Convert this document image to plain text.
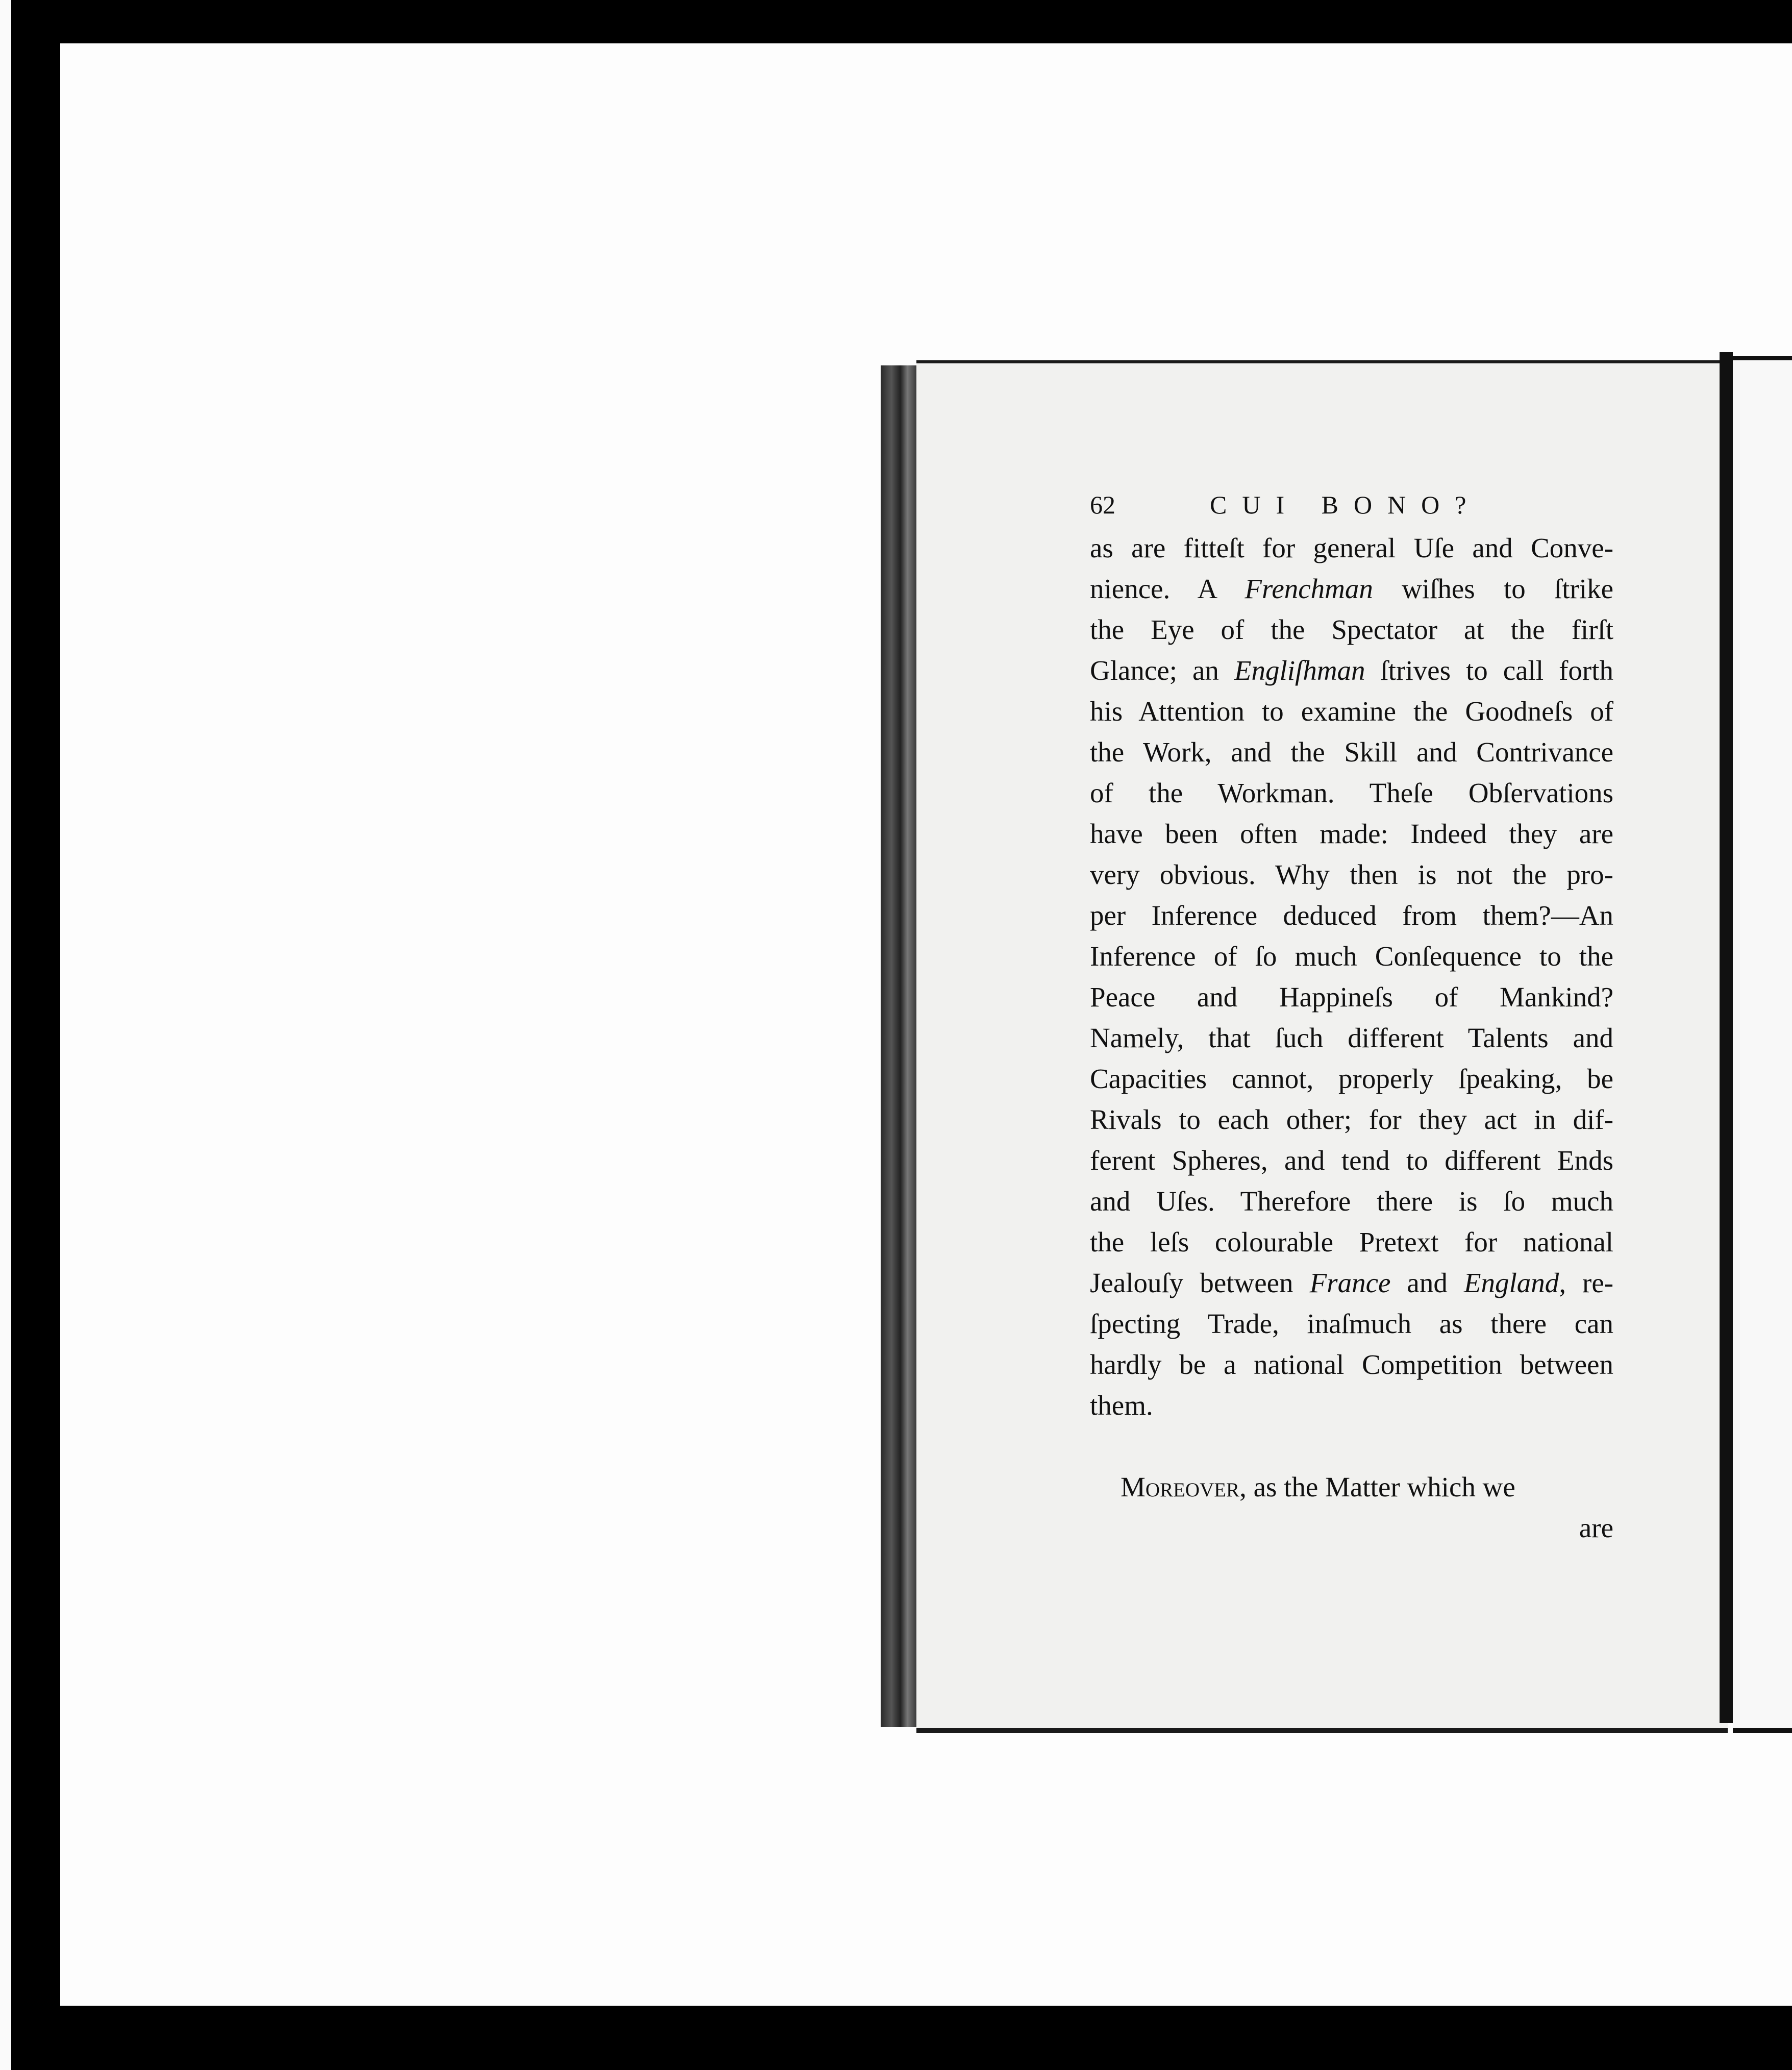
62	CUI BONO?
as are fitteſt for general Uſe and Conve-
nience. A Frenchman wiſhes to ſtrike
the Eye of the Spectator at the firſt
Glance; an Engliſhman ſtrives to call forth
his Attention to examine the Goodneſs of
the Work, and the Skill and Contrivance
of the Workman. Theſe Obſervations
have been often made: Indeed they are
very obvious. Why then is not the pro-
per Inference deduced from them?—An
Inference of ſo much Conſequence to the
Peace and Happineſs of Mankind?
Namely, that ſuch different Talents and
Capacities cannot, properly ſpeaking, be
Rivals to each other; for they act in dif-
ferent Spheres, and tend to different Ends
and Uſes. Therefore there is ſo much
the leſs colourable Pretext for national
Jealouſy between France and England, re-
ſpecting Trade, inaſmuch as there can
hardly be a national Competition between
them.
Moreover, as the Matter which we
are
